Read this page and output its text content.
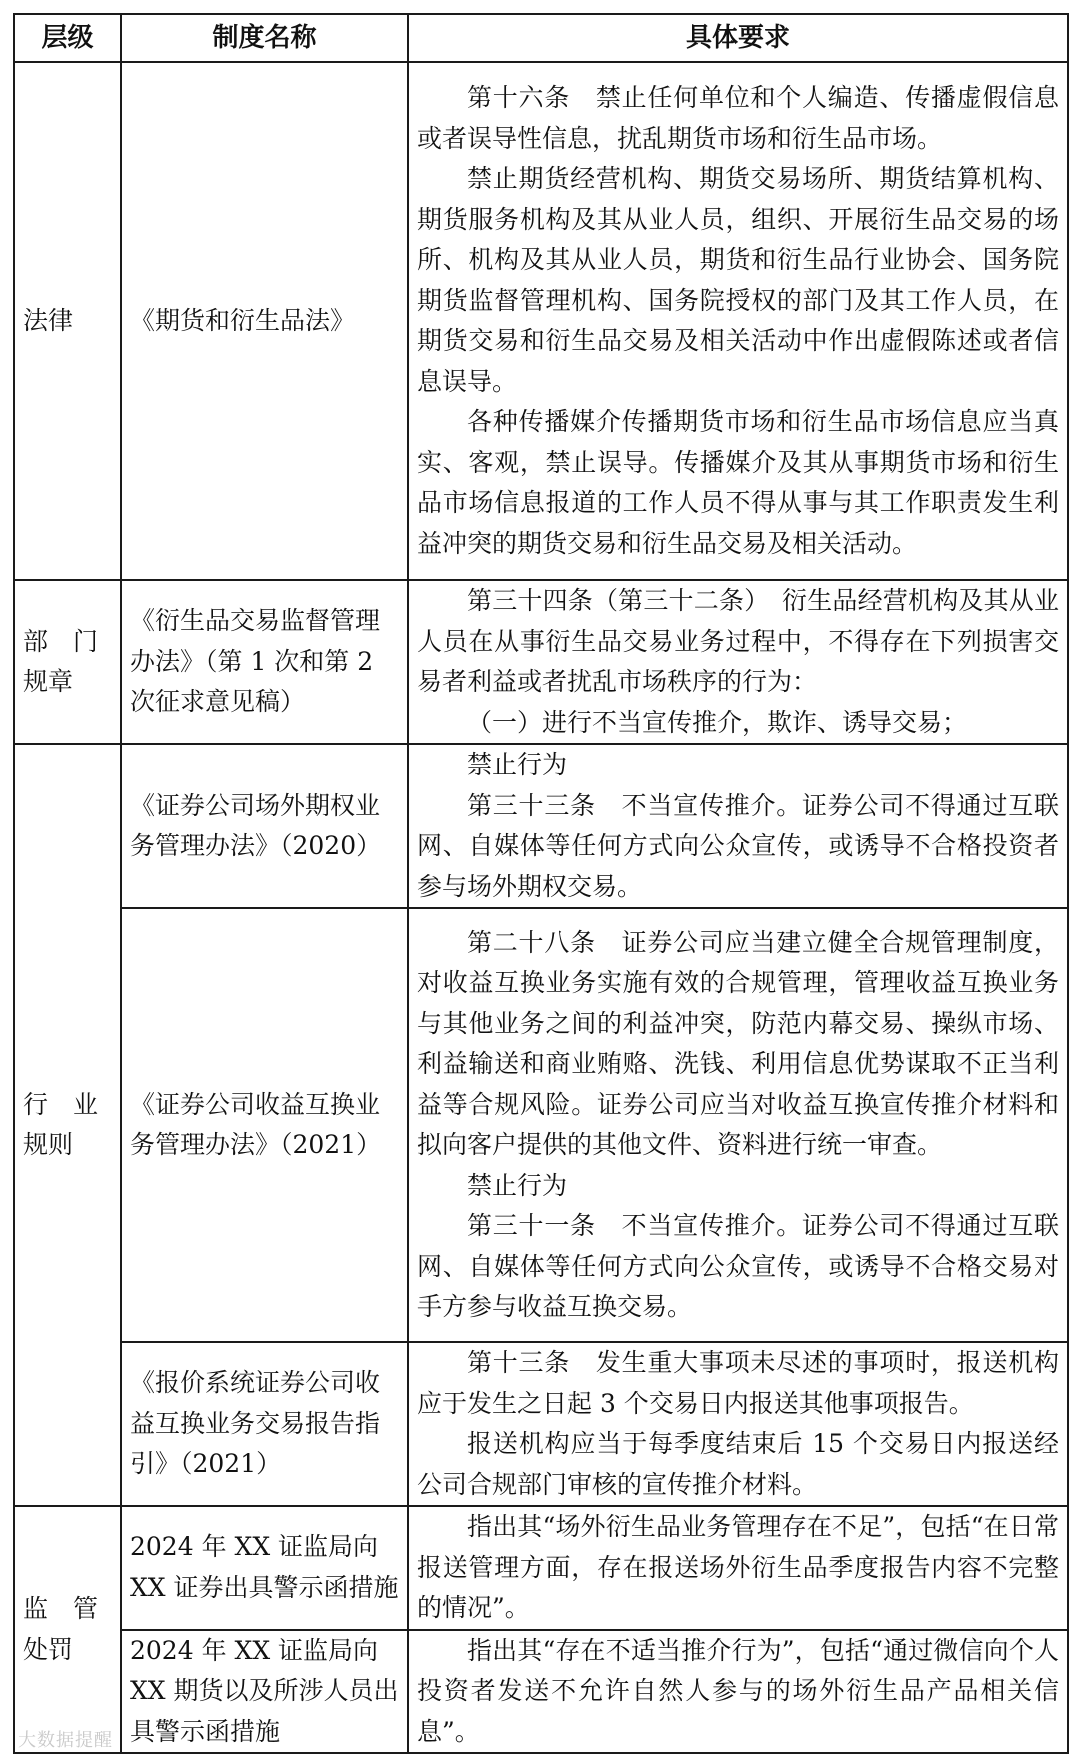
层级	制度名称	具体要求
法律	《期货和衍生品法》	第十六条　禁止任何单位和个人编造、传播虚假信息或者误导性信息，扰乱期货市场和衍生品市场。

禁止期货经营机构、期货交易场所、期货结算机构、期货服务机构及其从业人员，组织、开展衍生品交易的场所、机构及其从业人员，期货和衍生品行业协会、国务院期货监督管理机构、国务院授权的部门及其工作人员，在期货交易和衍生品交易及相关活动中作出虚假陈述或者信息误导。

各种传播媒介传播期货市场和衍生品市场信息应当真实、客观，禁止误导。传播媒介及其从事期货市场和衍生品市场信息报道的工作人员不得从事与其工作职责发生利益冲突的期货交易和衍生品交易及相关活动。

部　门规章	《衍生品交易监督管理办法》（第 1 次和第 2 次征求意见稿）	第三十四条（第三十二条）　衍生品经营机构及其从业人员在从事衍生品交易业务过程中，不得存在下列损害交易者利益或者扰乱市场秩序的行为：

（一）进行不当宣传推介，欺诈、诱导交易；

行　业规则	《证券公司场外期权业务管理办法》（2020）	禁止行为

第三十三条　不当宣传推介。证券公司不得通过互联网、自媒体等任何方式向公众宣传，或诱导不合格投资者参与场外期权交易。

	《证券公司收益互换业务管理办法》（2021）	第二十八条　证券公司应当建立健全合规管理制度，对收益互换业务实施有效的合规管理，管理收益互换业务与其他业务之间的利益冲突，防范内幕交易、操纵市场、利益输送和商业贿赂、洗钱、利用信息优势谋取不正当利益等合规风险。证券公司应当对收益互换宣传推介材料和拟向客户提供的其他文件、资料进行统一审查。

禁止行为

第三十一条　不当宣传推介。证券公司不得通过互联网、自媒体等任何方式向公众宣传，或诱导不合格交易对手方参与收益互换交易。

	《报价系统证券公司收益互换业务交易报告指引》（2021）	第十三条　发生重大事项未尽述的事项时，报送机构应于发生之日起 3 个交易日内报送其他事项报告。

报送机构应当于每季度结束后 15 个交易日内报送经公司合规部门审核的宣传推介材料。

监　管处罚	2024 年 XX 证监局向 XX 证券出具警示函措施	指出其“场外衍生品业务管理存在不足”，包括“在日常报送管理方面，存在报送场外衍生品季度报告内容不完整的情况”。

	2024 年 XX 证监局向 XX 期货以及所涉人员出具警示函措施	指出其“存在不适当推介行为”，包括“通过微信向个人投资者发送不允许自然人参与的场外衍生品产品相关信息”。

大数据提醒
